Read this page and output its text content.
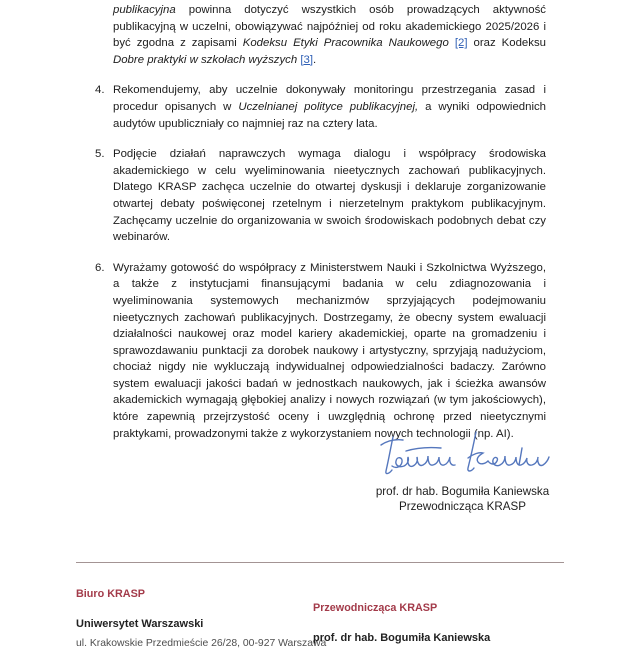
publikacyjna powinna dotyczyć wszystkich osób prowadzących aktywność publikacyjną w uczelni, obowiązywać najpóźniej od roku akademickiego 2025/2026 i być zgodna z zapisami Kodeksu Etyki Pracownika Naukowego [2] oraz Kodeksu Dobre praktyki w szkołach wyższych [3].

4. Rekomendujemy, aby uczelnie dokonywały monitoringu przestrzegania zasad i procedur opisanych w Uczelnianej polityce publikacyjnej, a wyniki odpowiednich audytów upubliczniały co najmniej raz na cztery lata.
5. Podjęcie działań naprawczych wymaga dialogu i współpracy środowiska akademickiego w celu wyeliminowania nieetycznych zachowań publikacyjnych. Dlatego KRASP zachęca uczelnie do otwartej dyskusji i deklaruje zorganizowanie otwartej debaty poświęconej rzetelnym i nierzetelnym praktykom publikacyjnym. Zachęcamy uczelnie do organizowania w swoich środowiskach podobnych debat czy webinarów.
6. Wyrażamy gotowość do współpracy z Ministerstwem Nauki i Szkolnictwa Wyższego, a także z instytucjami finansującymi badania w celu zdiagnozowania i wyeliminowania systemowych mechanizmów sprzyjających podejmowaniu nieetycznych zachowań publikacyjnych. Dostrzegamy, że obecny system ewaluacji działalności naukowej oraz model kariery akademickiej, oparte na gromadzeniu i sprawozdawaniu punktacji za dorobek naukowy i artystyczny, sprzyjają nadużyciom, chociaż nigdy nie wykluczają indywidualnej odpowiedzialności badaczy. Zarówno system ewaluacji jakości badań w jednostkach naukowych, jak i ścieżka awansów akademickich wymagają głębokiej analizy i nowych rozwiązań (w tym jakościowych), które zapewnią przejrzystość oceny i uwzględnią ochronę przed nieetycznymi praktykami, prowadzonymi także z wykorzystaniem nowych technologii (np. AI).
prof. dr hab. Bogumiła Kaniewska
Przewodnicząca KRASP
Biuro KRASP
Uniwersytet Warszawski
ul. Krakowskie Przedmieście 26/28, 00-927 Warszawa
Przewodnicząca KRASP
prof. dr hab. Bogumiła Kaniewska
